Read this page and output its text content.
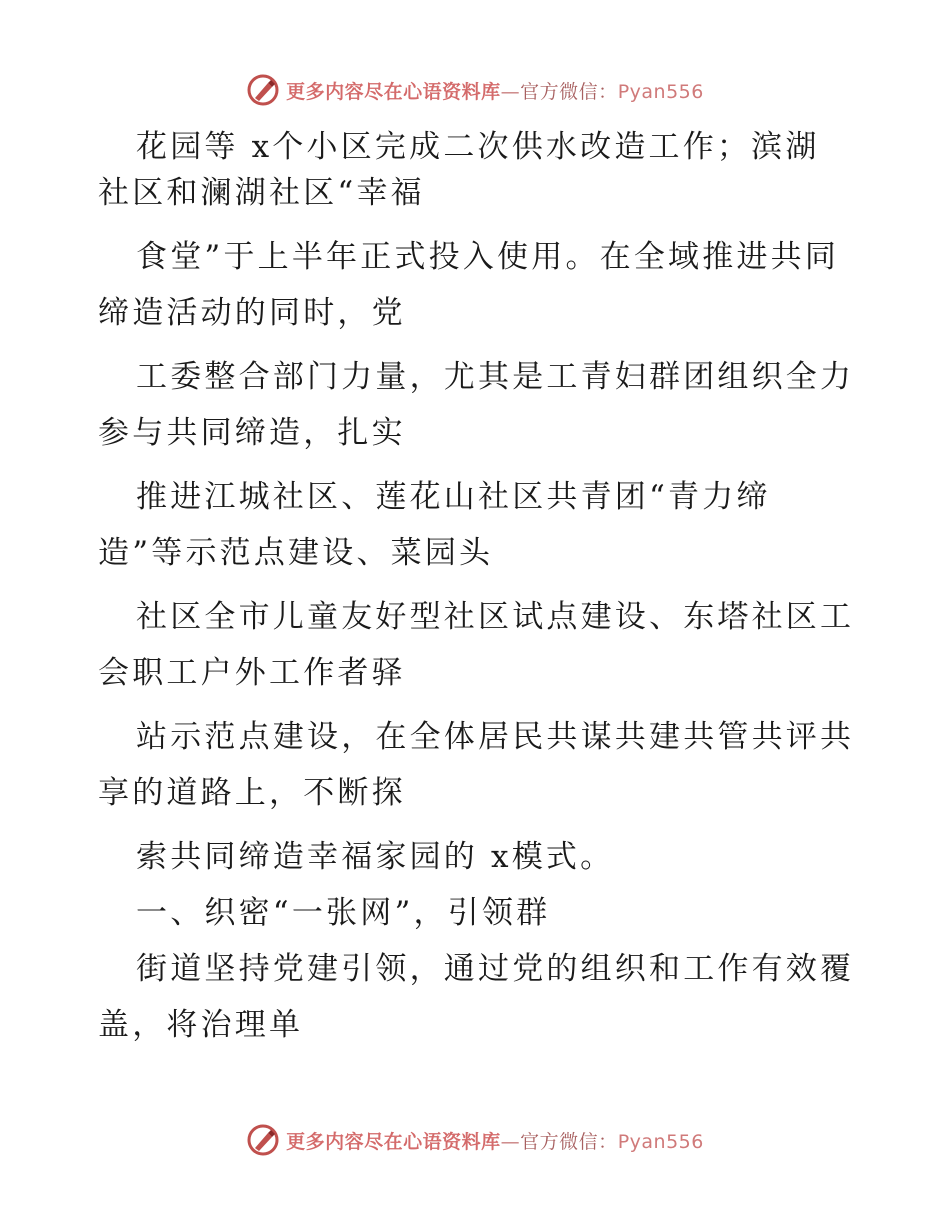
更多内容尽在心语资料库—官方微信：Pyan556
花园等 x个小区完成二次供水改造工作；滨湖
社区和澜湖社区“幸福
食堂”于上半年正式投入使用。在全域推进共同
缔造活动的同时，党
工委整合部门力量，尤其是工青妇群团组织全力
参与共同缔造，扎实
推进江城社区、莲花山社区共青团“青力缔
造”等示范点建设、菜园头
社区全市儿童友好型社区试点建设、东塔社区工
会职工户外工作者驿
站示范点建设，在全体居民共谋共建共管共评共
享的道路上，不断探
索共同缔造幸福家园的 x模式。
一、织密“一张网”，引领群
街道坚持党建引领，通过党的组织和工作有效覆
盖，将治理单
更多内容尽在心语资料库—官方微信：Pyan556
